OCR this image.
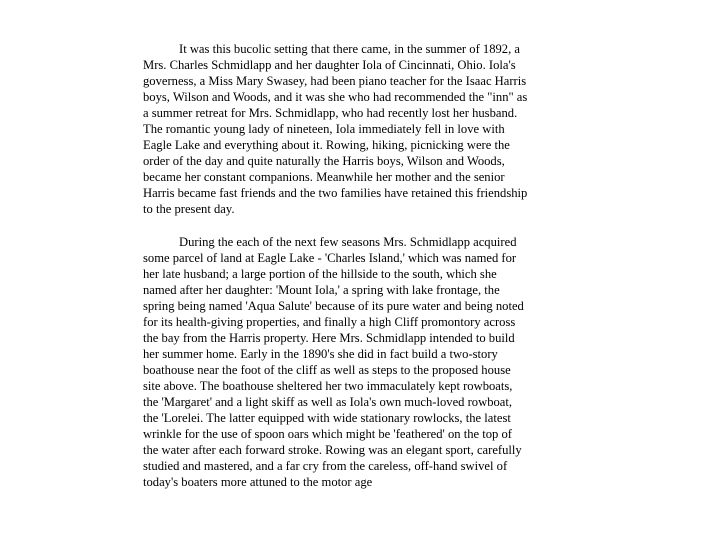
It was this bucolic setting that there came, in the summer of 1892, a
Mrs. Charles Schmidlapp and her daughter Iola of Cincinnati, Ohio. Iola's
governess, a Miss Mary Swasey, had been piano teacher for the Isaac Harris
boys, Wilson and Woods, and it was she who had recommended the "inn" as
a summer retreat for Mrs. Schmidlapp, who had recently lost her husband.
The romantic young lady of nineteen, Iola immediately fell in love with
Eagle Lake and everything about it. Rowing, hiking, picnicking were the
order of the day and quite naturally the Harris boys, Wilson and Woods,
became her constant companions. Meanwhile her mother and the senior
Harris became fast friends and the two families have retained this friendship
to the present day.

During the each of the next few seasons Mrs. Schmidlapp acquired
some parcel of land at Eagle Lake - 'Charles Island,' which was named for
her late husband; a large portion of the hillside to the south, which she
named after her daughter: 'Mount Iola,' a spring with lake frontage, the
spring being named 'Aqua Salute' because of its pure water and being noted
for its health-giving properties, and finally a high Cliff promontory across
the bay from the Harris property. Here Mrs. Schmidlapp intended to build
her summer home. Early in the 1890's she did in fact build a two-story
boathouse near the foot of the cliff as well as steps to the proposed house
site above. The boathouse sheltered her two immaculately kept rowboats,
the 'Margaret' and a light skiff as well as Iola's own much-loved rowboat,
the 'Lorelei. The latter equipped with wide stationary rowlocks, the latest
wrinkle for the use of spoon oars which might be 'feathered' on the top of
the water after each forward stroke. Rowing was an elegant sport, carefully
studied and mastered, and a far cry from the careless, off-hand swivel of
today's boaters more attuned to the motor age
